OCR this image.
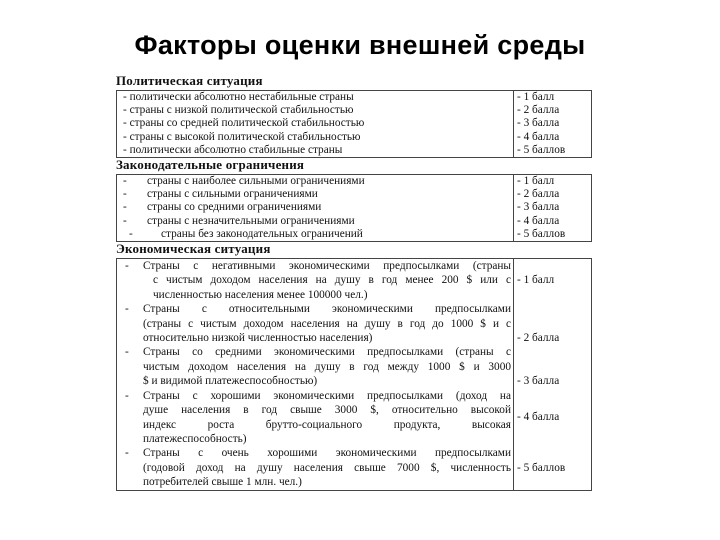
Факторы оценки внешней среды
Политическая ситуация
- политически абсолютно нестабильные страны	- 1 балл
- страны с низкой политической стабильностью	- 2 балла
- страны со средней политической стабильностью	- 3 балла
- страны с высокой политической стабильностью	- 4 балла
- политически абсолютно стабильные страны	- 5 баллов
Законодательные ограничения
- страны с наиболее сильными ограничениями	- 1 балл

- страны с сильными ограничениями	- 2 балла

- страны со средними ограничениями	- 3 балла

- страны с незначительными ограничениями	- 4 балла

- страны без законодательных ограничений	- 5 баллов
Экономическая ситуация
- Страны с негативными экономическими предпосылками (страны
с чистым доходом населения на душу в год менее 200 $ или с
численностью населения менее 100000 чел.)	- 1 балл

- Страны с относительными экономическими предпосылками
(страны с чистым доходом населения на душу в год до 1000 $ и с
относительно низкой численностью населения)	- 2 балла

- Страны со средними экономическими предпосылками (страны с
чистым доходом населения на душу в год между 1000 $ и 3000
$ и видимой платежеспособностью)	- 3 балла

- Страны с хорошими экономическими предпосылками (доход на
душе населения в год свыше 3000 $, относительно высокой
индекс роста брутто-социального продукта, высокая
платежеспособность)	- 4 балла

- Страны с очень хорошими экономическими предпосылками
(годовой доход на душу населения свыше 7000 $, численность
потребителей свыше 1 млн. чел.)	- 5 баллов
